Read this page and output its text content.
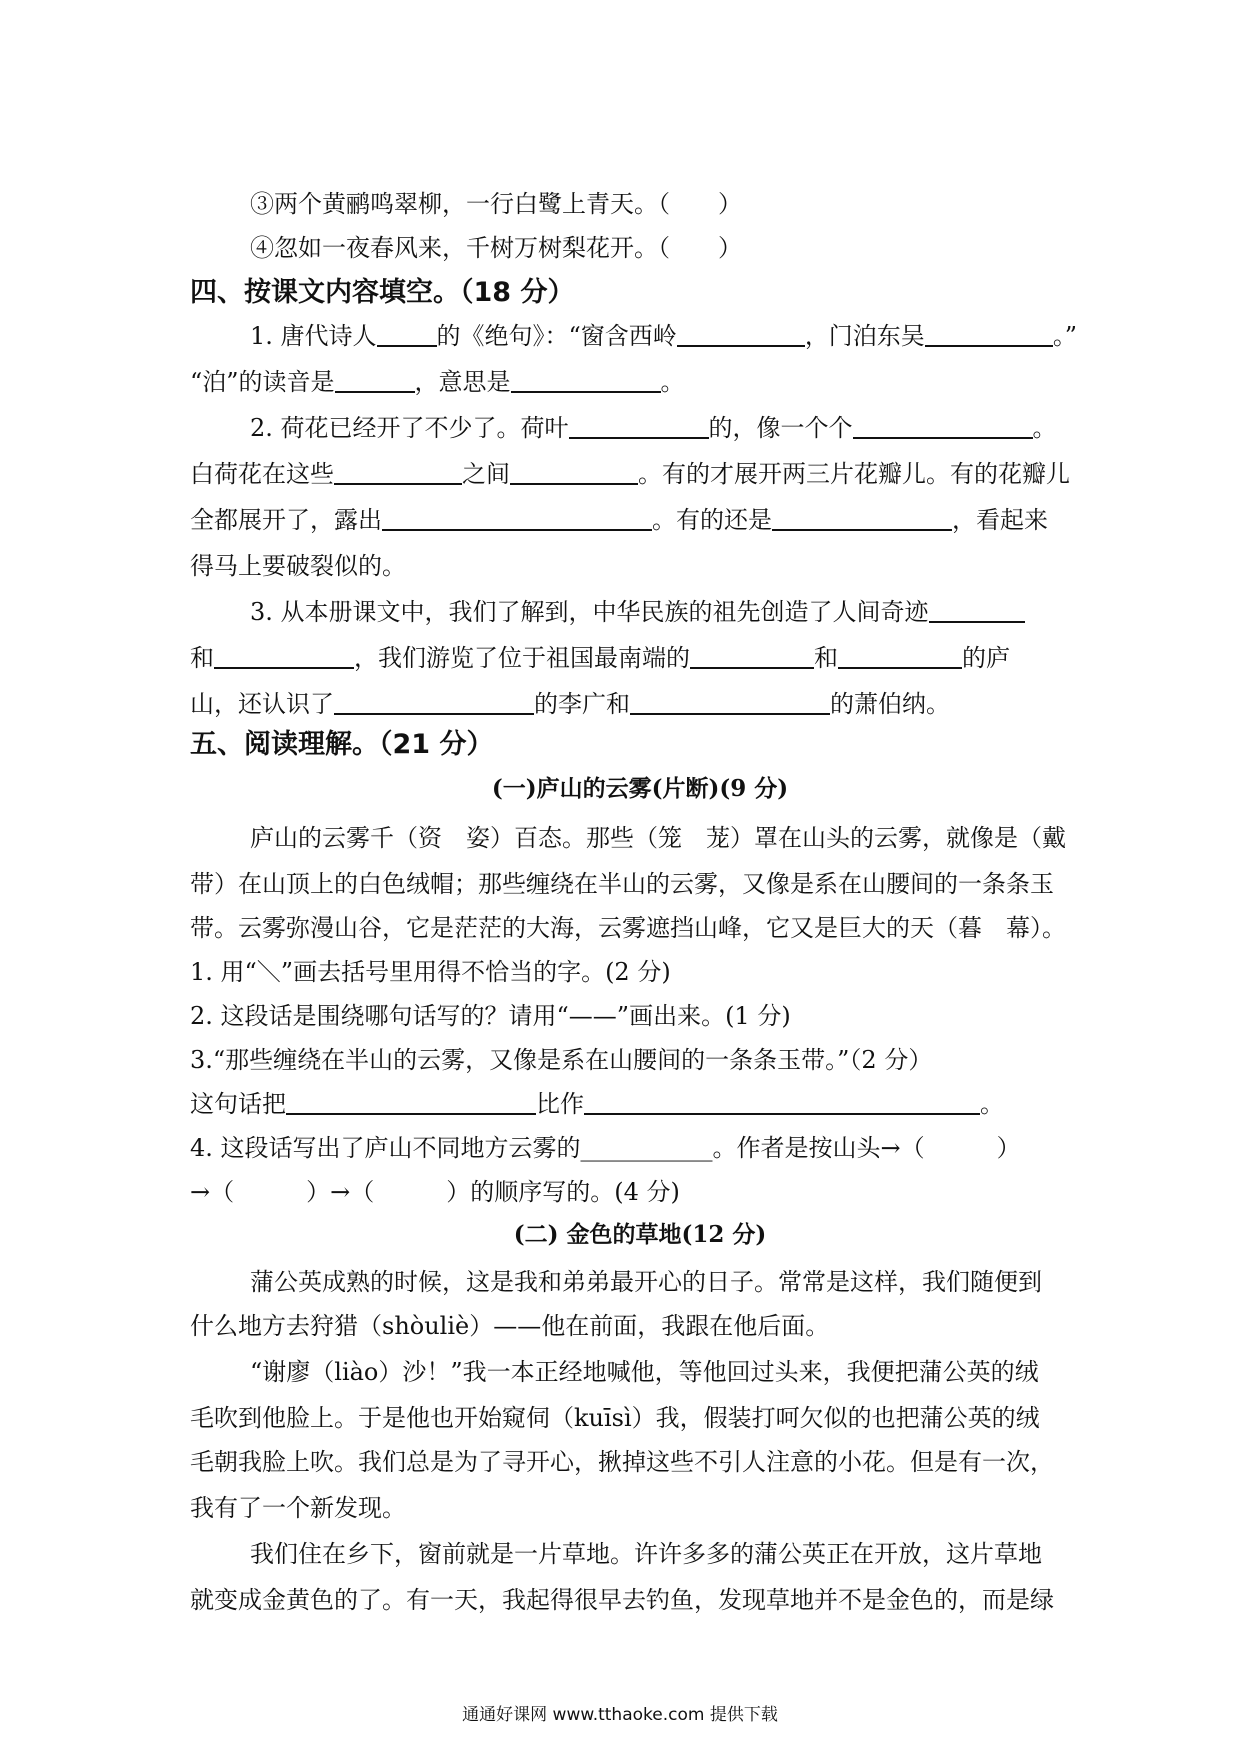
③两个黄鹂鸣翠柳，一行白鹭上青天。（　　）
④忽如一夜春风来，千树万树梨花开。（　　）
四、按课文内容填空。（18 分）
1. 唐代诗人	的《绝句》：“窗含西岭	，门泊东吴	。”
“泊”的读音是	，意思是	。
2. 荷花已经开了不少了。荷叶	的，像一个个	。
白荷花在这些	之间	。有的才展开两三片花瓣儿。有的花瓣儿
全都展开了，露出	。有的还是	，看起来
得马上要破裂似的。
3. 从本册课文中，我们了解到，中华民族的祖先创造了人间奇迹
和	，我们游览了位于祖国最南端的	和	的庐
山，还认识了	的李广和	的萧伯纳。
五、阅读理解。（21 分）
(一)庐山的云雾(片断)(9 分)
庐山的云雾千（资　姿）百态。那些（笼　茏）罩在山头的云雾，就像是（戴
带）在山顶上的白色绒帽；那些缠绕在半山的云雾，又像是系在山腰间的一条条玉
带。云雾弥漫山谷，它是茫茫的大海，云雾遮挡山峰，它又是巨大的天（暮　幕）。
1. 用“＼”画去括号里用得不恰当的字。(2 分)
2. 这段话是围绕哪句话写的？请用“——”画出来。(1 分)
3.“那些缠绕在半山的云雾，又像是系在山腰间的一条条玉带。”（2 分）
这句话把	比作	。
4. 这段话写出了庐山不同地方云雾的___________。作者是按山头→（　　　）
→（　　　）→（　　　）的顺序写的。(4 分)
(二) 金色的草地(12 分)
蒲公英成熟的时候，这是我和弟弟最开心的日子。常常是这样，我们随便到
什么地方去狩猎（shòuliè）——他在前面，我跟在他后面。
“谢廖（liào）沙！”我一本正经地喊他，等他回过头来，我便把蒲公英的绒
毛吹到他脸上。于是他也开始窥伺（kuīsì）我，假装打呵欠似的也把蒲公英的绒
毛朝我脸上吹。我们总是为了寻开心，揪掉这些不引人注意的小花。但是有一次，
我有了一个新发现。
我们住在乡下，窗前就是一片草地。许许多多的蒲公英正在开放，这片草地
就变成金黄色的了。有一天，我起得很早去钓鱼，发现草地并不是金色的，而是绿
通通好课网 www.tthaoke.com 提供下载
